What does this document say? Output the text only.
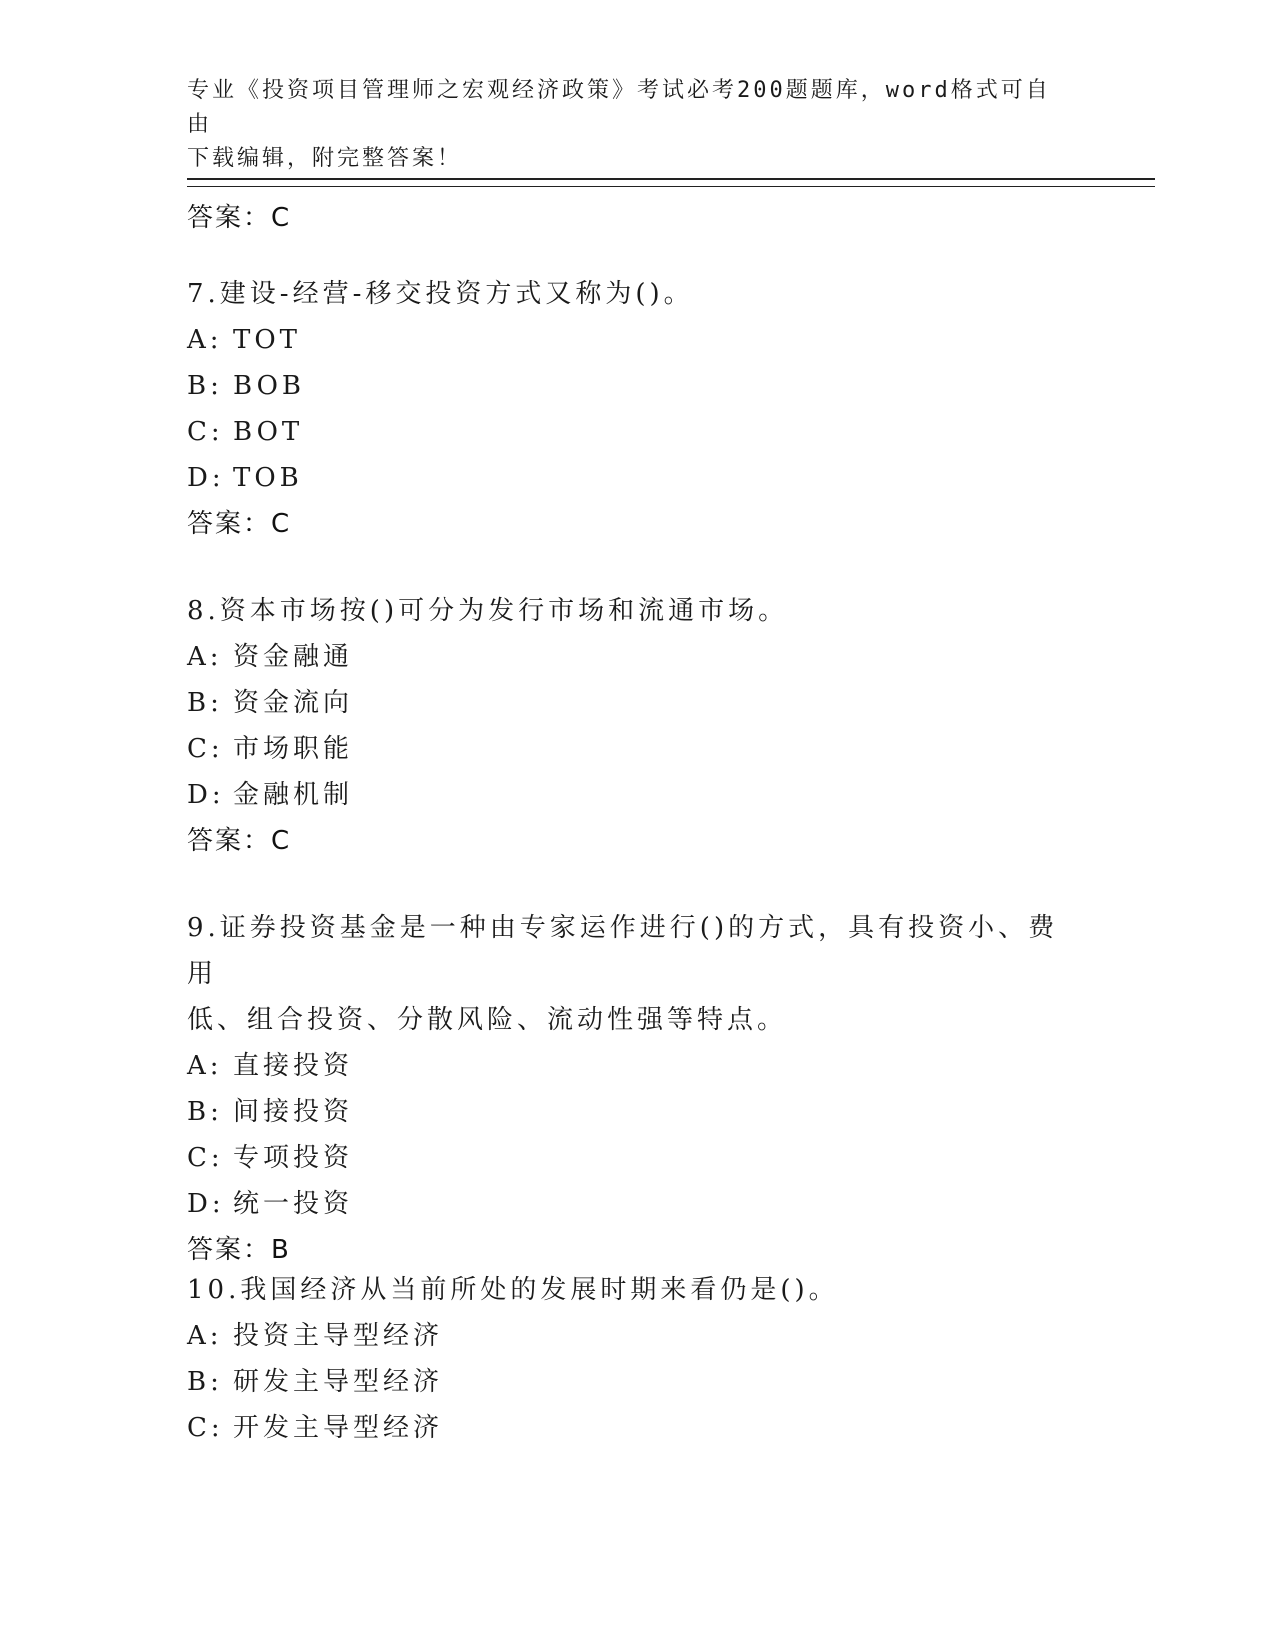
专业《投资项目管理师之宏观经济政策》考试必考200题题库，word格式可自由
下载编辑，附完整答案！

答案：C

7.建设-经营-移交投资方式又称为()。

A: TOT

B: BOB

C: BOT

D: TOB

答案：C

8.资本市场按()可分为发行市场和流通市场。

A: 资金融通

B: 资金流向

C: 市场职能

D: 金融机制

答案：C

9.证券投资基金是一种由专家运作进行()的方式，具有投资小、费用

低、组合投资、分散风险、流动性强等特点。

A: 直接投资

B: 间接投资

C: 专项投资

D: 统一投资

答案：B

10.我国经济从当前所处的发展时期来看仍是()。

A: 投资主导型经济

B: 研发主导型经济

C: 开发主导型经济
